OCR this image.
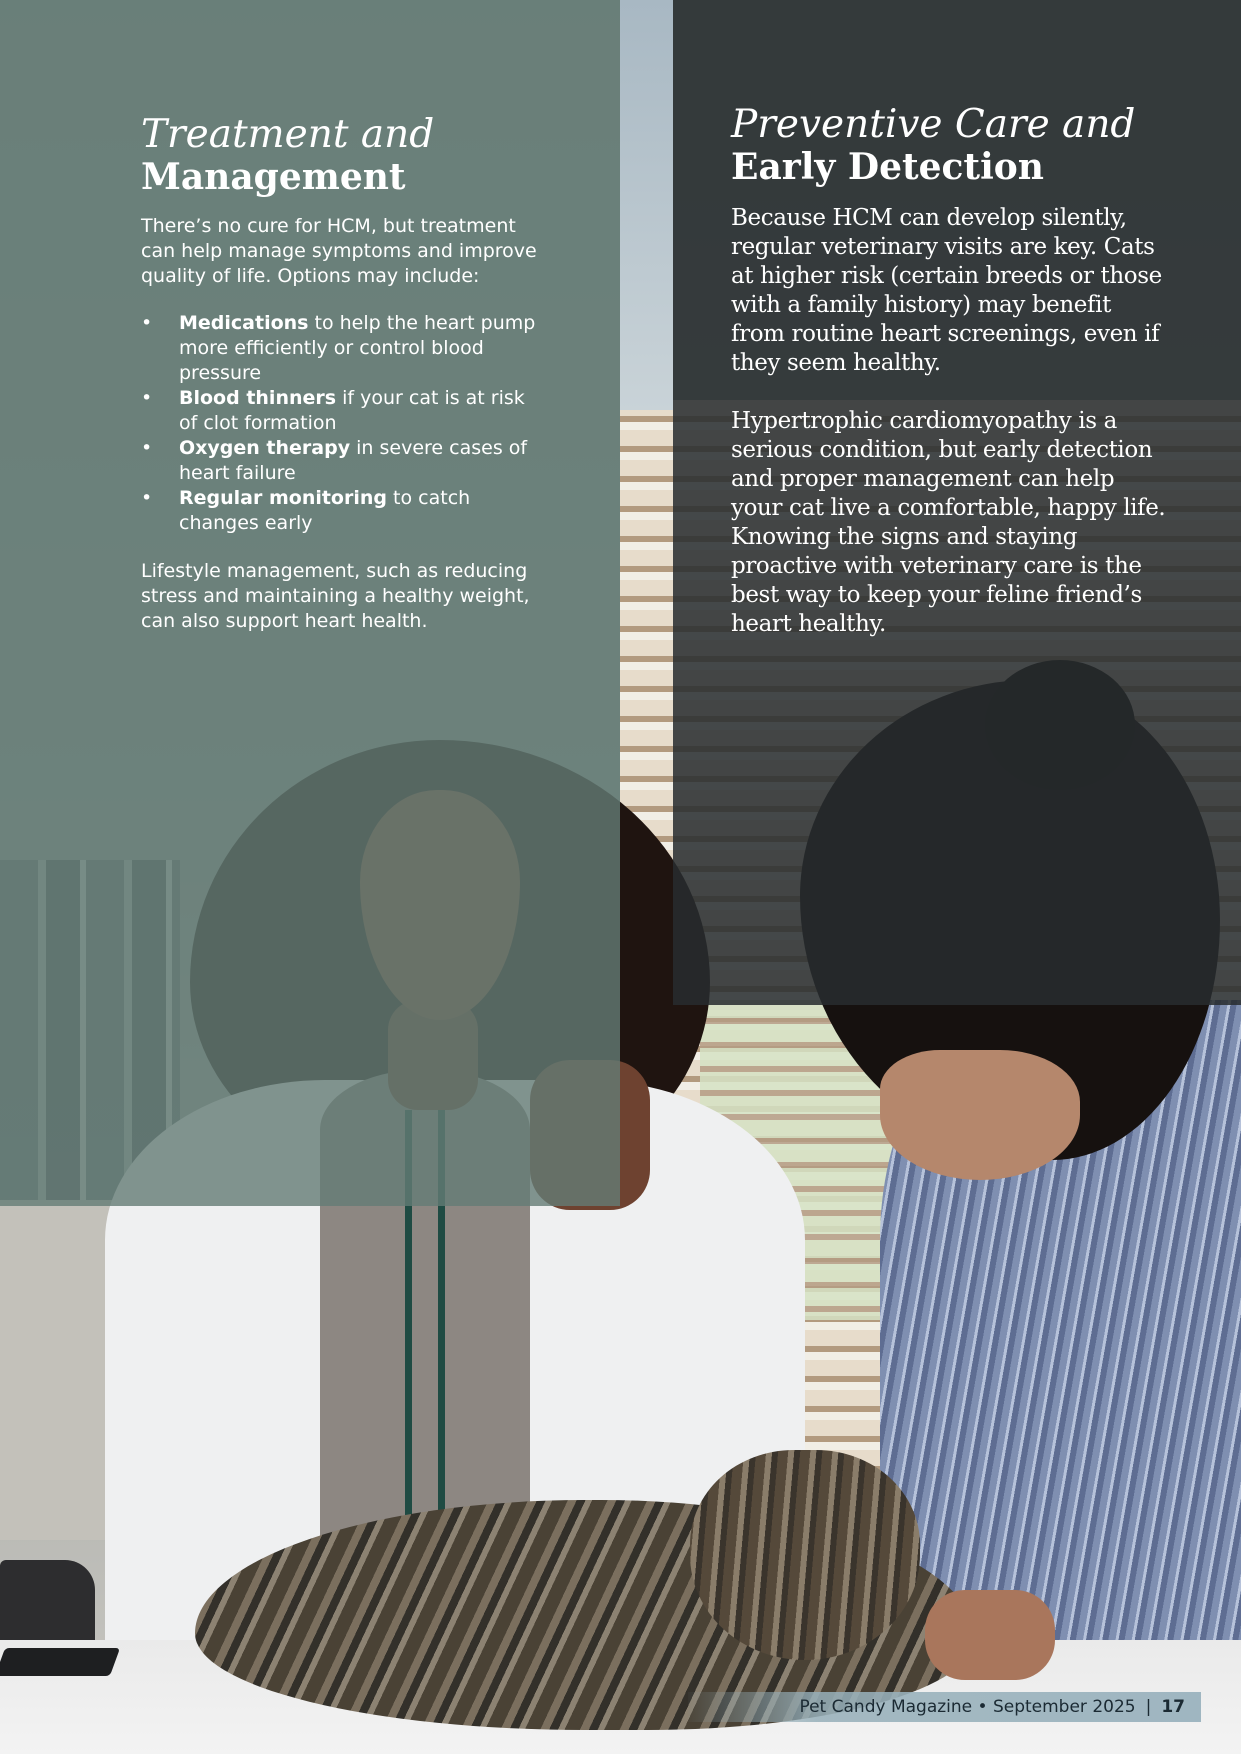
Treatment and
Management

There’s no cure for HCM, but treatment can help manage symptoms and improve quality of life. Options may include:

• Medications to help the heart pump more efficiently or control blood pressure
• Blood thinners if your cat is at risk of clot formation
• Oxygen therapy in severe cases of heart failure
• Regular monitoring to catch changes early

Lifestyle management, such as reducing stress and maintaining a healthy weight, can also support heart health.

Preventive Care and
Early Detection

Because HCM can develop silently, regular veterinary visits are key. Cats at higher risk (certain breeds or those with a family history) may benefit from routine heart screenings, even if they seem healthy.

Hypertrophic cardiomyopathy is a serious condition, but early detection and proper management can help your cat live a comfortable, happy life. Knowing the signs and staying proactive with veterinary care is the best way to keep your feline friend’s heart healthy.

Pet Candy Magazine • September 2025 | 17
